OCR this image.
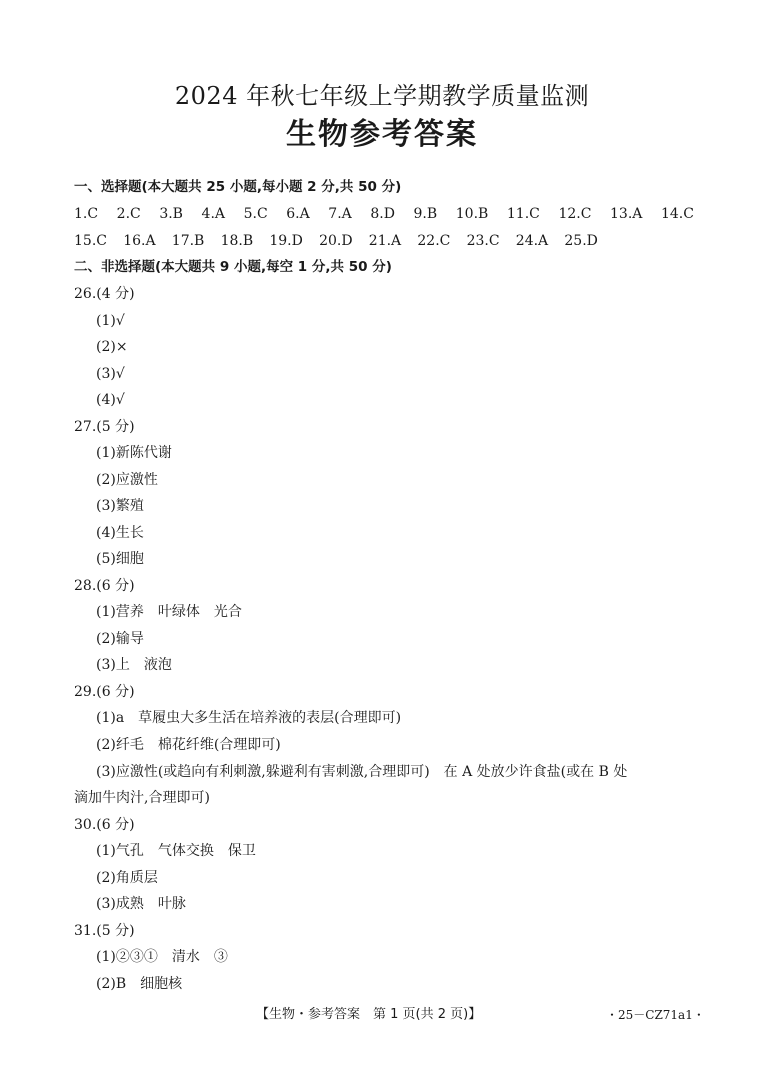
2024 年秋七年级上学期教学质量监测
生物参考答案
一、选择题(本大题共 25 小题,每小题 2 分,共 50 分)
1.C 2.C 3.B 4.A 5.C 6.A 7.A 8.D 9.B 10.B 11.C 12.C 13.A 14.C
15.C 16.A 17.B 18.B 19.D 20.D 21.A 22.C 23.C 24.A 25.D
二、非选择题(本大题共 9 小题,每空 1 分,共 50 分)
26.(4 分)
(1)√
(2)×
(3)√
(4)√
27.(5 分)
(1)新陈代谢
(2)应激性
(3)繁殖
(4)生长
(5)细胞
28.(6 分)
(1)营养　叶绿体　光合
(2)输导
(3)上　液泡
29.(6 分)
(1)a　草履虫大多生活在培养液的表层(合理即可)
(2)纤毛　棉花纤维(合理即可)
(3)应激性(或趋向有利刺激,躲避利有害刺激,合理即可)　在 A 处放少许食盐(或在 B 处
滴加牛肉汁,合理即可)
30.(6 分)
(1)气孔　气体交换　保卫
(2)角质层
(3)成熟　叶脉
31.(5 分)
(1)②③①　清水　③
(2)B　细胞核
【生物・参考答案　第 1 页(共 2 页)】	・25－CZ71a1・
